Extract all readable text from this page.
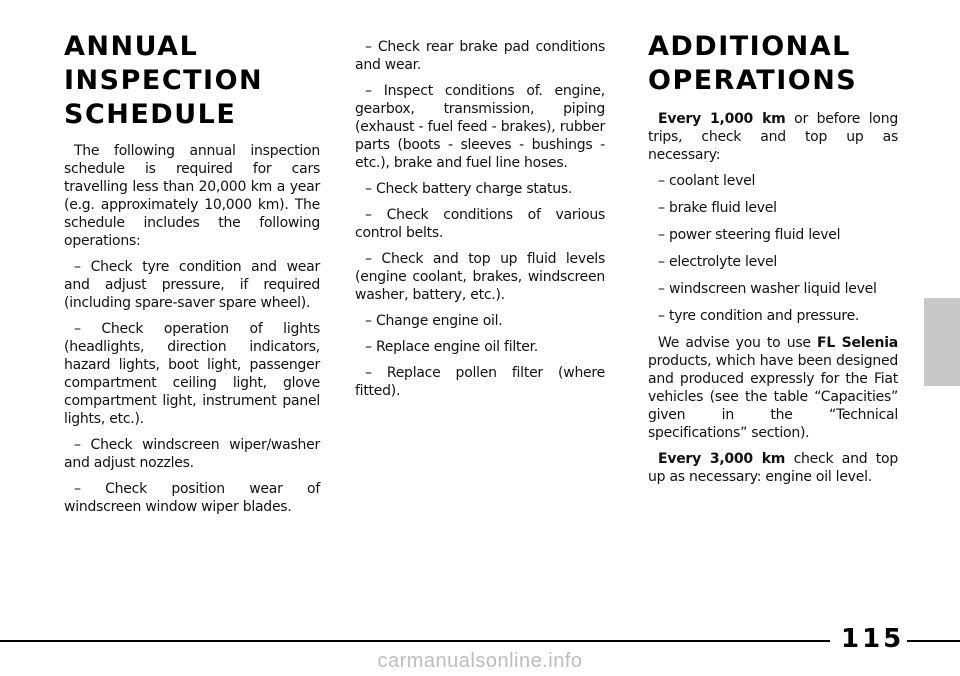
ANNUAL
INSPECTION
SCHEDULE

The following annual inspection schedule is required for cars travelling less than 20,000 km a year (e.g. approximately 10,000 km). The schedule includes the following operations:

– Check tyre condition and wear and adjust pressure, if required (including spare-saver spare wheel).

– Check operation of lights (headlights, direction indicators, hazard lights, boot light, passenger compartment ceiling light, glove compartment light, instrument panel lights, etc.).

– Check windscreen wiper/washer and adjust nozzles.

– Check position wear of windscreen window wiper blades.

– Check rear brake pad conditions and wear.

– Inspect conditions of. engine, gearbox, transmission, piping (exhaust - fuel feed - brakes), rubber parts (boots - sleeves - bushings - etc.), brake and fuel line hoses.

– Check battery charge status.

– Check conditions of various control belts.

– Check and top up fluid levels (engine coolant, brakes, windscreen washer, battery, etc.).

– Change engine oil.

– Replace engine oil filter.

– Replace pollen filter (where fitted).

ADDITIONAL
OPERATIONS

Every 1,000 km or before long trips, check and top up as necessary:

– coolant level

– brake fluid level

– power steering fluid level

– electrolyte level

– windscreen washer liquid level

– tyre condition and pressure.

We advise you to use FL Selenia products, which have been designed and produced expressly for the Fiat vehicles (see the table “Capacities” given in the “Technical specifications” section).

Every 3,000 km check and top up as necessary: engine oil level.

115
carmanualsonline.info
